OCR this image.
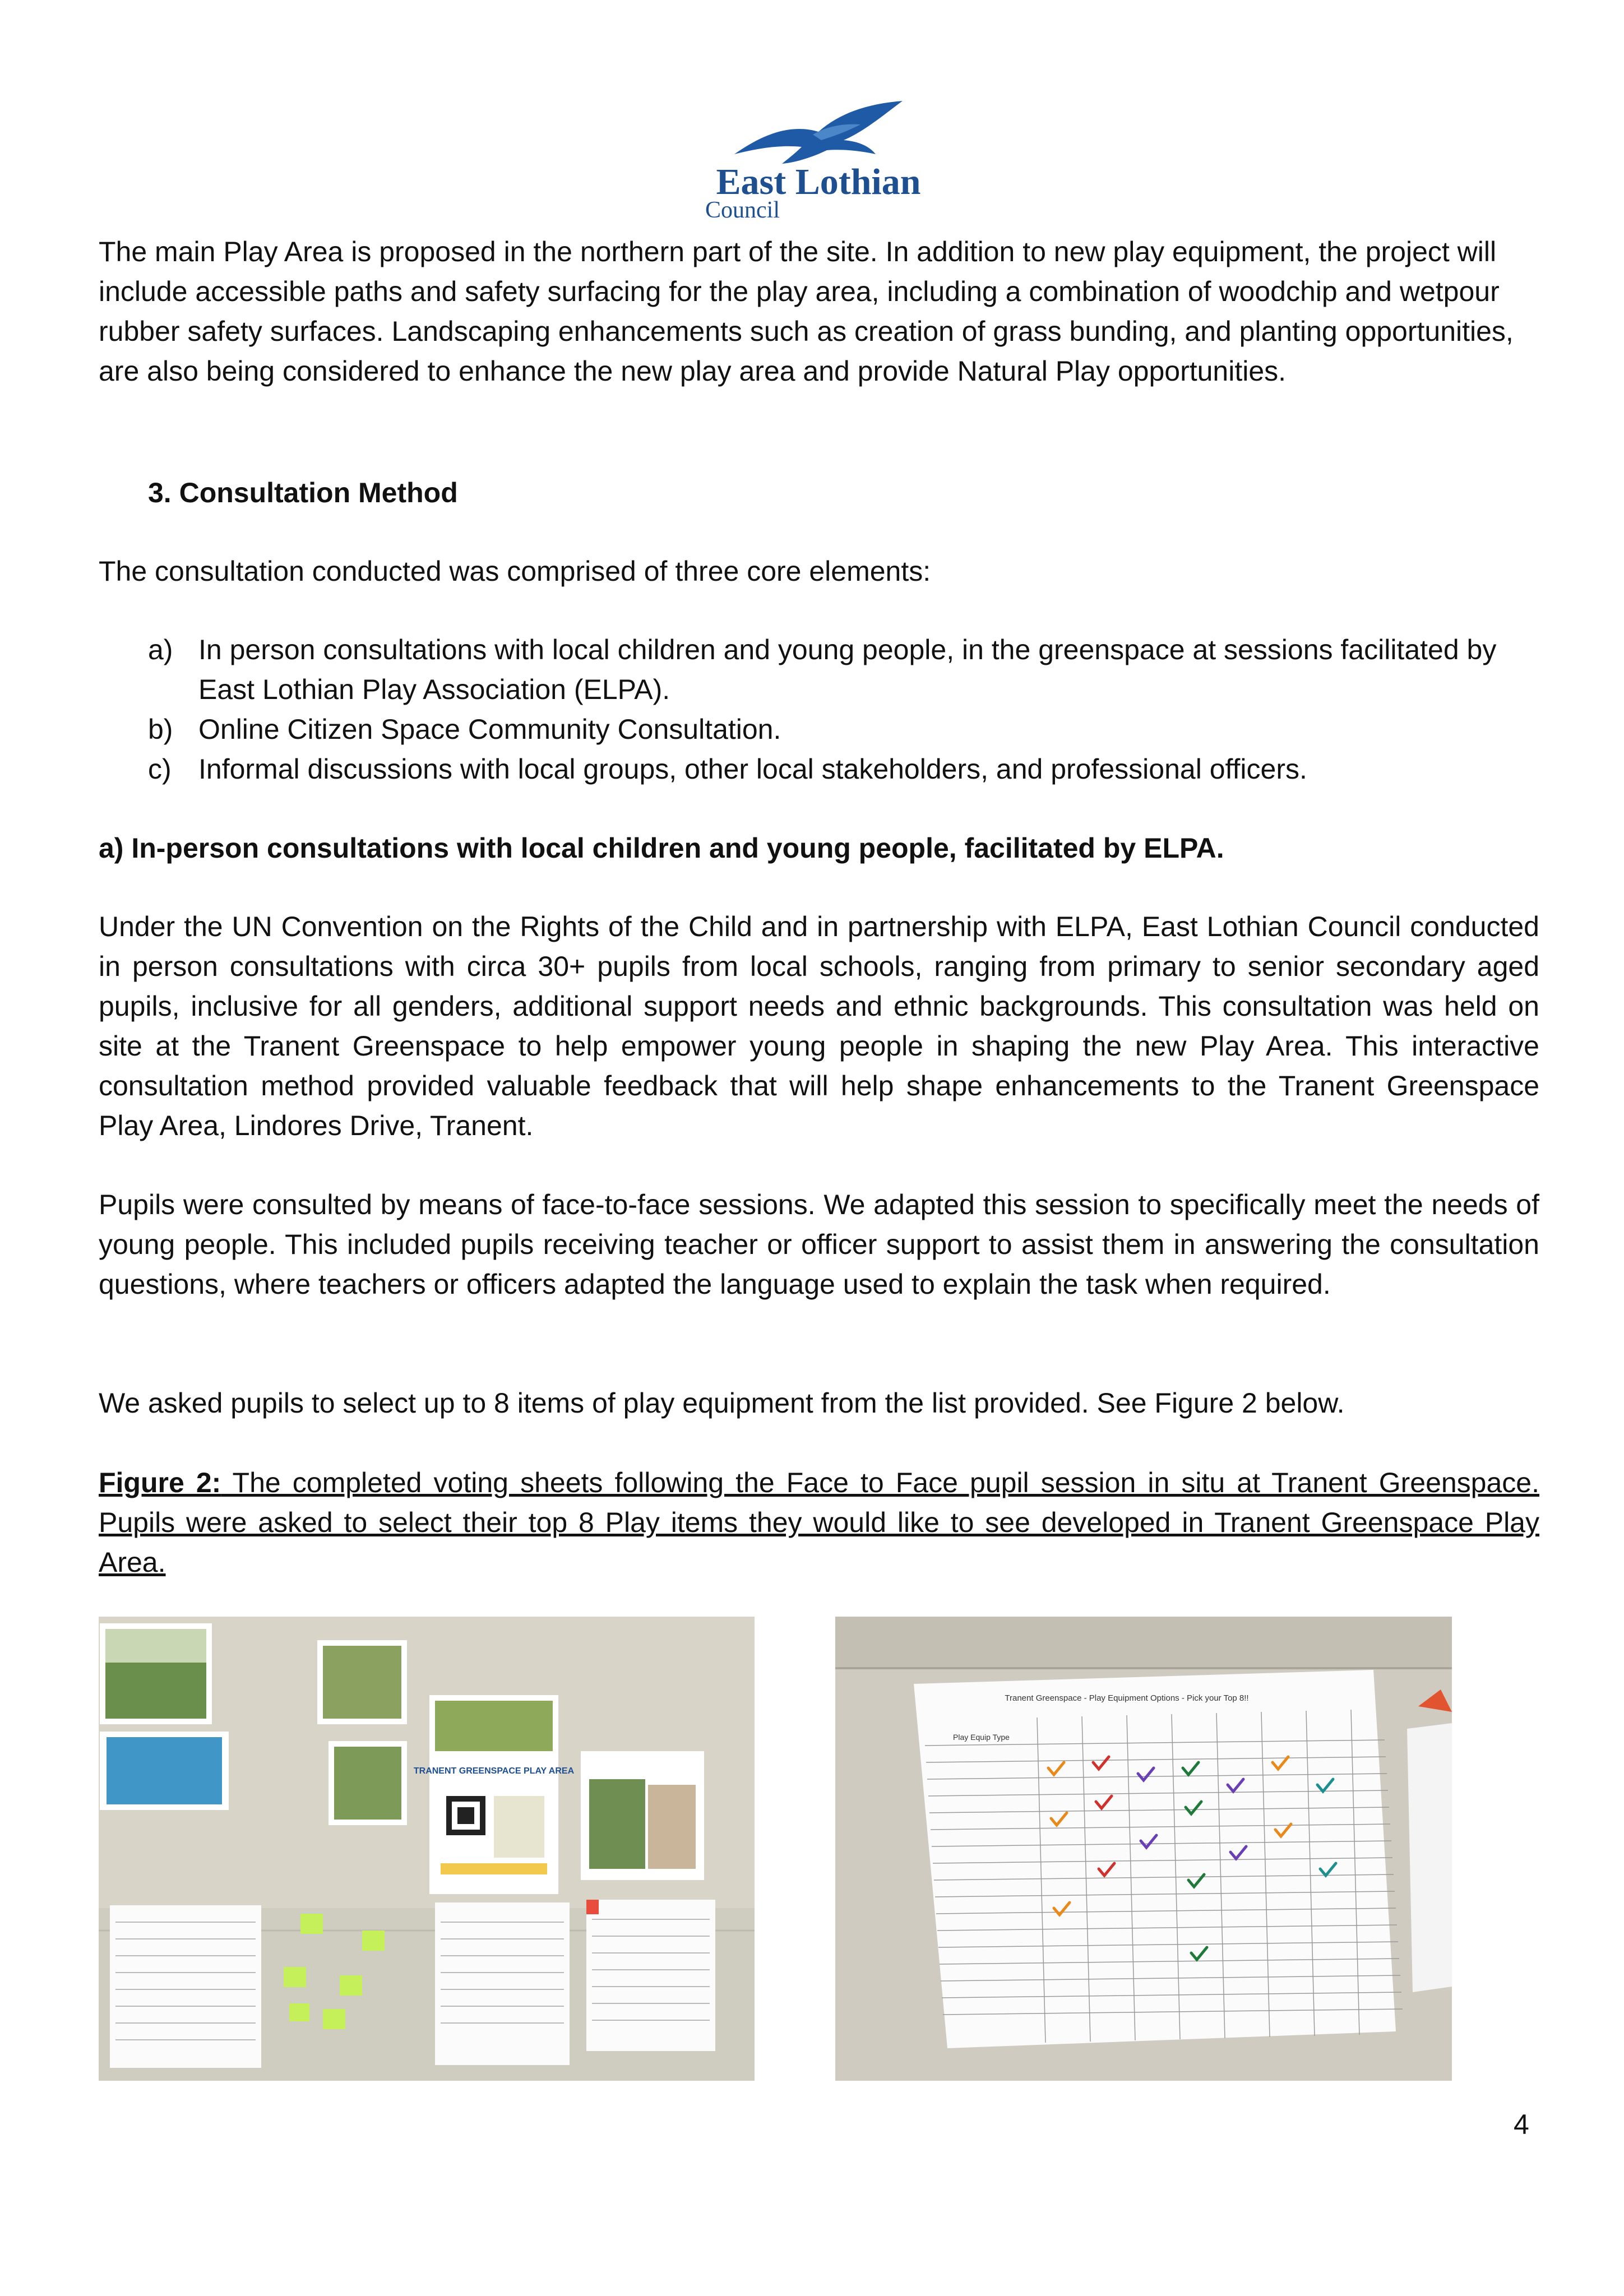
East Lothian
Council

The main Play Area is proposed in the northern part of the site. In addition to new play equipment, the project will include accessible paths and safety surfacing for the play area, including a combination of woodchip and wetpour rubber safety surfaces. Landscaping enhancements such as creation of grass bunding, and planting opportunities, are also being considered to enhance the new play area and provide Natural Play opportunities.

3. Consultation Method

The consultation conducted was comprised of three core elements:

a) In person consultations with local children and young people, in the greenspace at sessions facilitated by East Lothian Play Association (ELPA).
b) Online Citizen Space Community Consultation.
c) Informal discussions with local groups, other local stakeholders, and professional officers.

a) In-person consultations with local children and young people, facilitated by ELPA.

Under the UN Convention on the Rights of the Child and in partnership with ELPA, East Lothian Council conducted in person consultations with circa 30+ pupils from local schools, ranging from primary to senior secondary aged pupils, inclusive for all genders, additional support needs and ethnic backgrounds. This consultation was held on site at the Tranent Greenspace to help empower young people in shaping the new Play Area. This interactive consultation method provided valuable feedback that will help shape enhancements to the Tranent Greenspace Play Area, Lindores Drive, Tranent.

Pupils were consulted by means of face-to-face sessions. We adapted this session to specifically meet the needs of young people. This included pupils receiving teacher or officer support to assist them in answering the consultation questions, where teachers or officers adapted the language used to explain the task when required.

We asked pupils to select up to 8 items of play equipment from the list provided. See Figure 2 below.

Figure 2: The completed voting sheets following the Face to Face pupil session in situ at Tranent Greenspace. Pupils were asked to select their top 8 Play items they would like to see developed in Tranent Greenspace Play Area.

TRANENT GREENSPACE PLAY AREA
Tranent Greenspace - Play Equipment Options - Pick your Top 8!!
Play Equip Type
4
